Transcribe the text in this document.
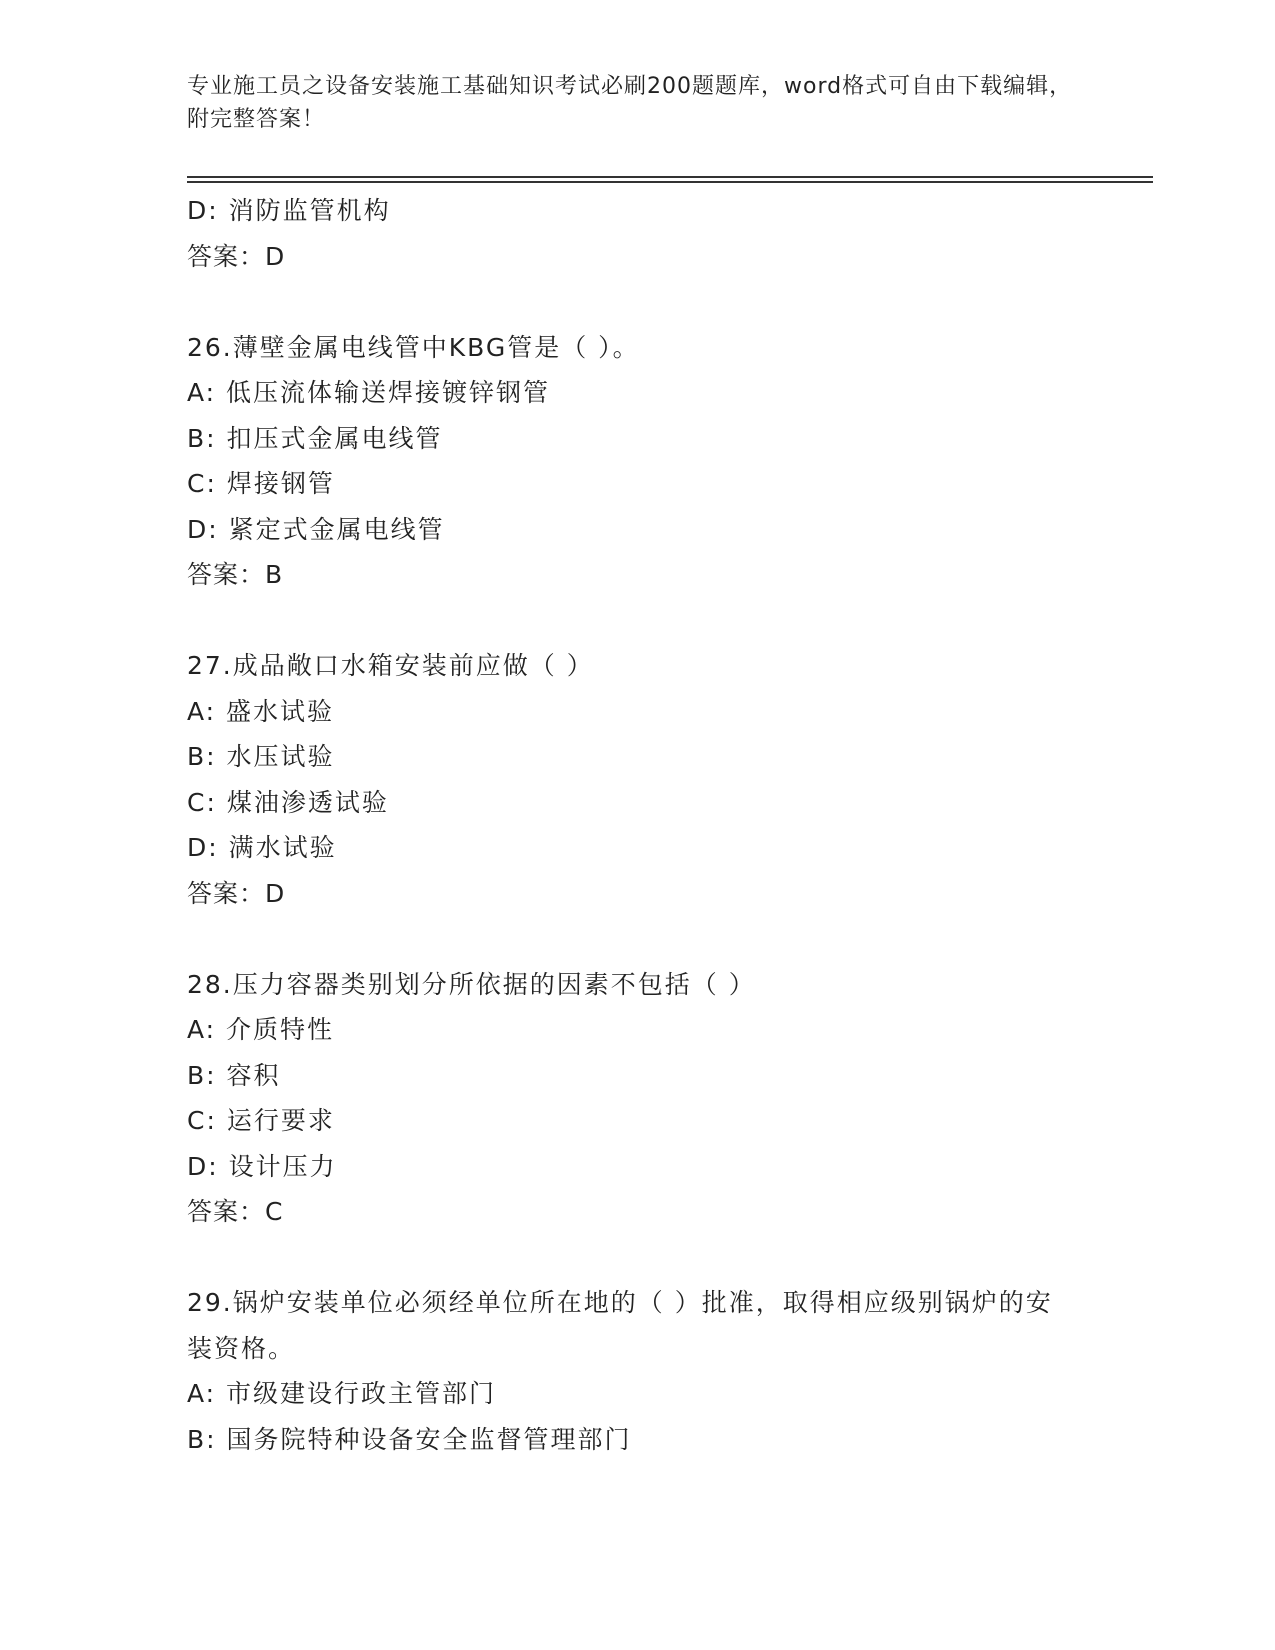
专业施工员之设备安装施工基础知识考试必刷200题题库，word格式可自由下载编辑，附完整答案！
D: 消防监管机构
答案：D
26.薄壁金属电线管中KBG管是（ ）。
A: 低压流体输送焊接镀锌钢管
B: 扣压式金属电线管
C: 焊接钢管
D: 紧定式金属电线管
答案：B
27.成品敞口水箱安装前应做（ ）
A: 盛水试验
B: 水压试验
C: 煤油渗透试验
D: 满水试验
答案：D
28.压力容器类别划分所依据的因素不包括（ ）
A: 介质特性
B: 容积
C: 运行要求
D: 设计压力
答案：C
29.锅炉安装单位必须经单位所在地的（ ）批准，取得相应级别锅炉的安装资格。
A: 市级建设行政主管部门
B: 国务院特种设备安全监督管理部门
